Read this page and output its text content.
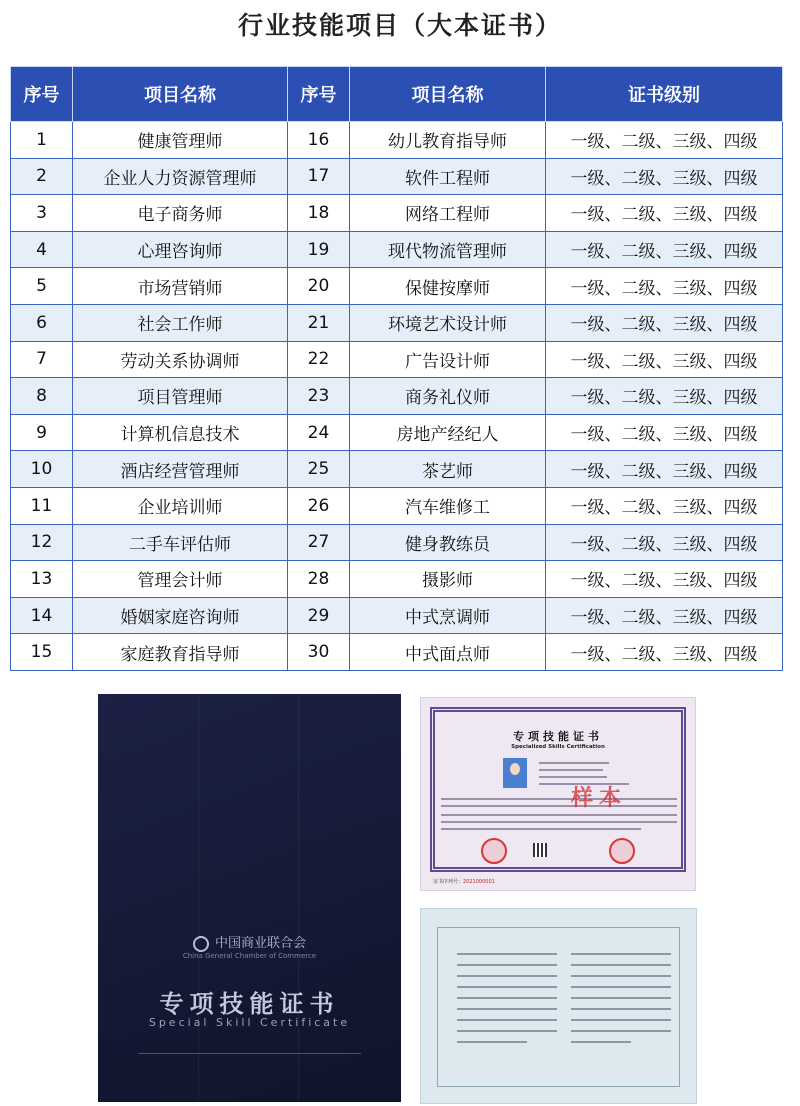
行业技能项目（大本证书）
序号	项目名称	序号	项目名称	证书级别
1	健康管理师	16	幼儿教育指导师	一级、二级、三级、四级
2	企业人力资源管理师	17	软件工程师	一级、二级、三级、四级
3	电子商务师	18	网络工程师	一级、二级、三级、四级
4	心理咨询师	19	现代物流管理师	一级、二级、三级、四级
5	市场营销师	20	保健按摩师	一级、二级、三级、四级
6	社会工作师	21	环境艺术设计师	一级、二级、三级、四级
7	劳动关系协调师	22	广告设计师	一级、二级、三级、四级
8	项目管理师	23	商务礼仪师	一级、二级、三级、四级
9	计算机信息技术	24	房地产经纪人	一级、二级、三级、四级
10	酒店经营管理师	25	茶艺师	一级、二级、三级、四级
11	企业培训师	26	汽车维修工	一级、二级、三级、四级
12	二手车评估师	27	健身教练员	一级、二级、三级、四级
13	管理会计师	28	摄影师	一级、二级、三级、四级
14	婚姻家庭咨询师	29	中式烹调师	一级、二级、三级、四级
15	家庭教育指导师	30	中式面点师	一级、二级、三级、四级
中国商业联合会
China General Chamber of Commerce
专项技能证书
Special Skill Certificate
专项技能证书
Specialized Skills Certification
样本
证书序列号：2021000001
